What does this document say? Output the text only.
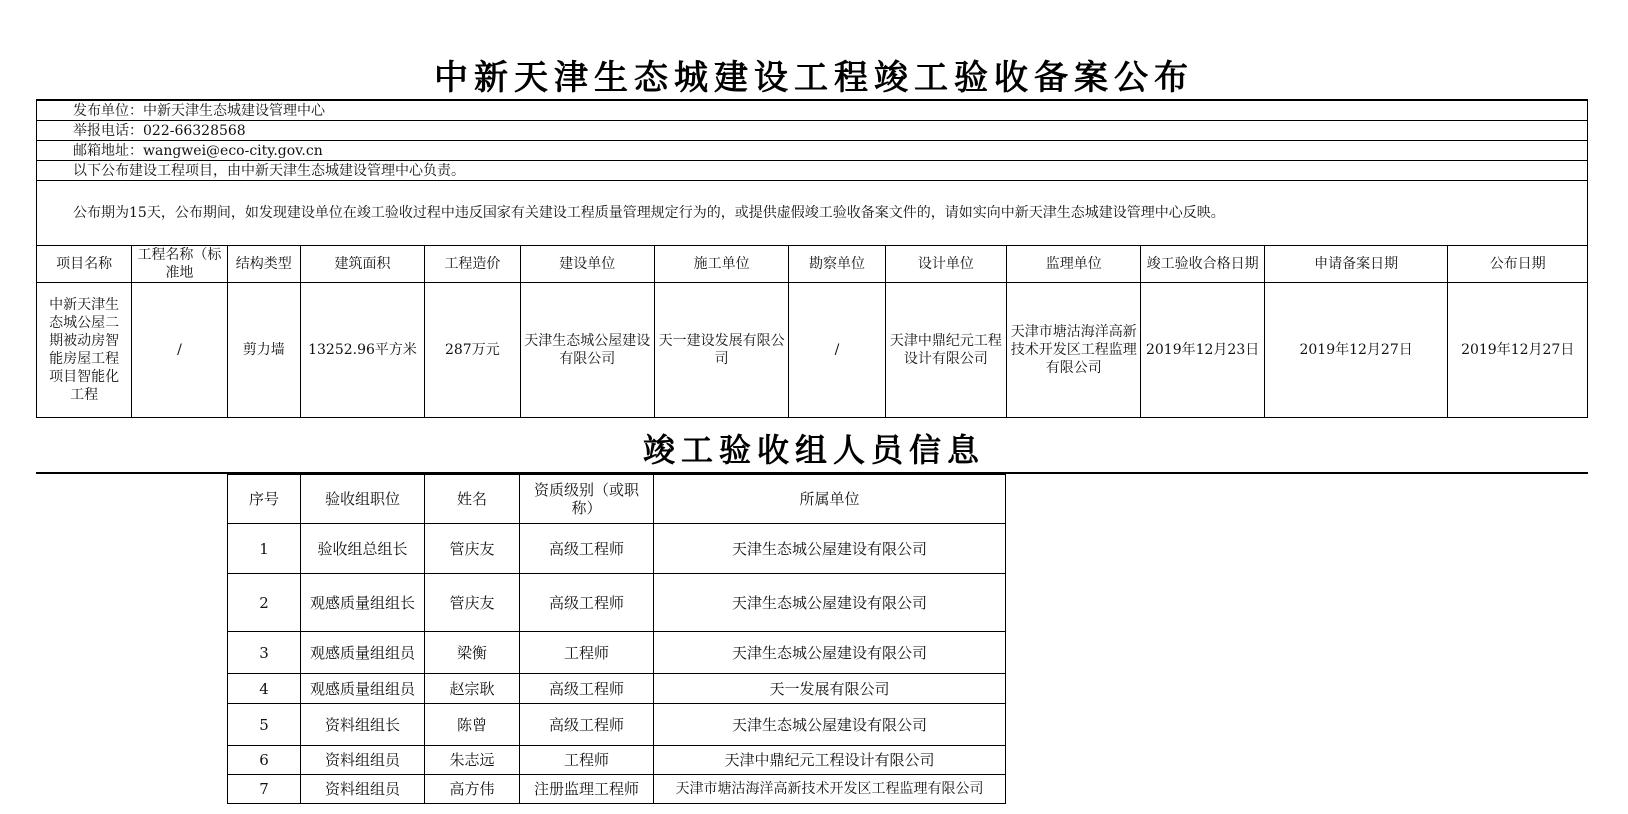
中新天津生态城建设工程竣工验收备案公布
发布单位：中新天津生态城建设管理中心												
举报电话：022-66328568												
邮箱地址：wangwei@eco-city.gov.cn												
以下公布建设工程项目，由中新天津生态城建设管理中心负责。												
公布期为15天，公布期间，如发现建设单位在竣工验收过程中违反国家有关建设工程质量管理规定行为的，或提供虚假竣工验收备案文件的，请如实向中新天津生态城建设管理中心反映。												
项目名称	工程名称（标准地	结构类型	建筑面积	工程造价	建设单位	施工单位	勘察单位	设计单位	监理单位	竣工验收合格日期	申请备案日期	公布日期
中新天津生态城公屋二期被动房智能房屋工程项目智能化工程	/	剪力墙	13252.96平方米	287万元	天津生态城公屋建设有限公司	天一建设发展有限公司	/	天津中鼎纪元工程设计有限公司	天津市塘沽海洋高新技术开发区工程监理有限公司	2019年12月23日	2019年12月27日	2019年12月27日
竣工验收组人员信息
序号	验收组职位	姓名	资质级别（或职称）	所属单位
1	验收组总组长	管庆友	高级工程师	天津生态城公屋建设有限公司
2	观感质量组组长	管庆友	高级工程师	天津生态城公屋建设有限公司
3	观感质量组组员	梁衡	工程师	天津生态城公屋建设有限公司
4	观感质量组组员	赵宗耿	高级工程师	天一发展有限公司
5	资料组组长	陈曾	高级工程师	天津生态城公屋建设有限公司
6	资料组组员	朱志远	工程师	天津中鼎纪元工程设计有限公司
7	资料组组员	高方伟	注册监理工程师	天津市塘沽海洋高新技术开发区工程监理有限公司
